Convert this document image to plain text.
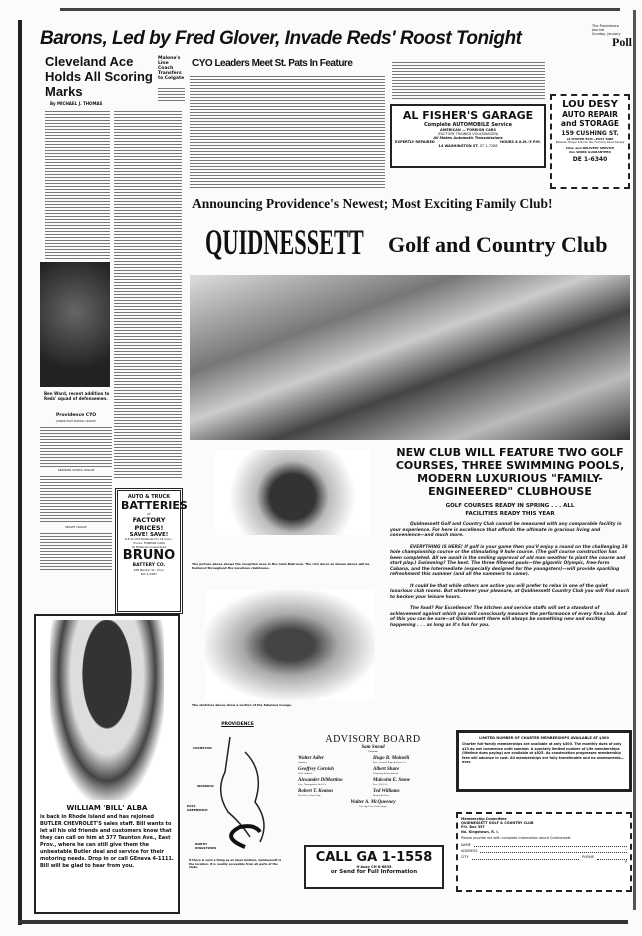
Barons, Led by Fred Glover, Invade Reds' Roost Tonight
The Providence Journal
Sunday, January
Poll
Cleveland Ace Holds All Scoring Marks
By MICHAEL J. THOMAS
Ben Ward, recent addition to Reds' squad of defensemen.
Malone's Line Coach Transfers to Colgate
Providence CYO
JUNIOR HIGH SCHOOL LEAGUE
GRAMMAR SCHOOL LEAGUE
MIDGET LEAGUE
AUTO & TRUCK
BATTERIES
AT
FACTORY PRICES!
SAVE! SAVE!
6-8-12 Volt Batteries For All Cars—Trucks, FOREIGN CARS
All Batteries Guaranteed
BRUNO
BATTERY CO.
168 Becker St., Prov.
MA 1-0287
WILLIAM 'BILL' ALBA
is back in Rhode Island and has rejoined BUTLER CHEVROLET'S sales staff. Bill wants to let all his old friends and customers know that they can call on him at 377 Taunton Ave., East Prov., where he can still give them the unbeatable Butler deal and service for their motoring needs. Drop in or call GEneva 4-1111. Bill will be glad to hear from you.
CYO Leaders Meet St. Pats In Feature
AL FISHER'S GARAGE
Complete AUTOMOBILE Service
AMERICAN — FOREIGN CARS
(FACTORY TRAINED VOLKSWAGEN)
All Makes Automatic Transmissions
EXPERTLY REPAIRED	HOURS 8 A.M.-5 P.M.
14 WASHINGTON ST. ST 1-7288
LOU DESY
AUTO REPAIR
and STORAGE
159 CUSHING ST.
at THAYER EXIT—EAST SIDE
Between Thayer & Brook Sts. Formerly Davis Garage
CALL and DELIVERY SERVICE
ALL WORK GUARANTEED
DE 1-6340
Announcing Providence's Newest; Most Exciting Family Club!
QUIDNESSETT Golf and Country Club
The picture above shows the reception area in the main Ballroom. The rich decor as shown above will be featured throughout the luxurious clubhouse.
The sketches above show a section of the fabulous lounge.
NEW CLUB WILL FEATURE TWO GOLF COURSES, THREE SWIMMING POOLS, MODERN LUXURIOUS "FAMILY-ENGINEERED" CLUBHOUSE
GOLF COURSES READY IN SPRING . . . ALL FACILITIES READY THIS YEAR

Quidnessett Golf and Country Club cannot be measured with any comparable facility in your experience. For here is excellence that affords the ultimate in gracious living and convenience—and much more.

EVERYTHING IS HERE! If golf is your game then you'll enjoy a round on the challenging 18 hole championship course or the stimulating 9 hole course. (The golf course construction has been completed. All we await is the smiling approval of old man weather to plant the course and start play.) Swimming? The best. The three filtered pools—the gigantic Olympic, free-form Cabana, and the Intermediate (especially designed for the youngsters)—will provide sparkling refreshment this summer (and all the summers to come).

It could be that while others are active you will prefer to relax in one of the quiet luxurious club rooms. But whatever your pleasure, at Quidnessett Country Club you will find much to beckon your leisure hours.

The food? Par Excellence! The kitchen and service staffs will set a standard of achievement against which you will consciously measure the performance of every fine club. And of this you can be sure—at Quidnessett there will always be something new and exciting happening . . . as long as it's fun for you.

PROVIDENCE
CRANSTON
WARWICK
EAST GREENWICH
NORTH KINGSTOWN
If there is such a thing as an ideal location, Quidnessett is the location. It is readily accessible from all parts of the state.
ADVISORY BOARD
Sam Snead
Chairman
Walter Adler
Attorney
Hugo R. Mainelli
Pres., General Engr. & Cons. Co.
Geoffrey Cornish
Golf Architect
Albert Share
Financing & Investments
Alexander DiMartino
Pres., Narragansett Steel Co.
Malcolm E. Stone
Pres., R.I.G.A.
Robert T. Keaton
Vice Pres., Fram Corp.
Ted Williams
Boston Red Sox
Walter A. McQueeney
Ext. Sgt. Prov. Police Dept.
CALL GA 1-1558
If busy CH 8-6635
or Send for Full Information
LIMITED NUMBER OF CHARTER MEMBERSHIPS AVAILABLE AT $300
Charter full-family memberships are available at only $300. The monthly dues of only $13 do not commence until summer. A specially limited number of Life memberships (lifetime dues paying) are available at $825. As construction progresses membership fees will advance in cost. All memberships are fully transferable and no assessments—ever.
Membership Committee
QUIDNESSETT GOLF & COUNTRY CLUB
P.O. Box 357
No. Kingstown, R. I.
Please provide me with complete information about Quidnessett.
NAME
ADDRESS
CITY	PHONE
P
